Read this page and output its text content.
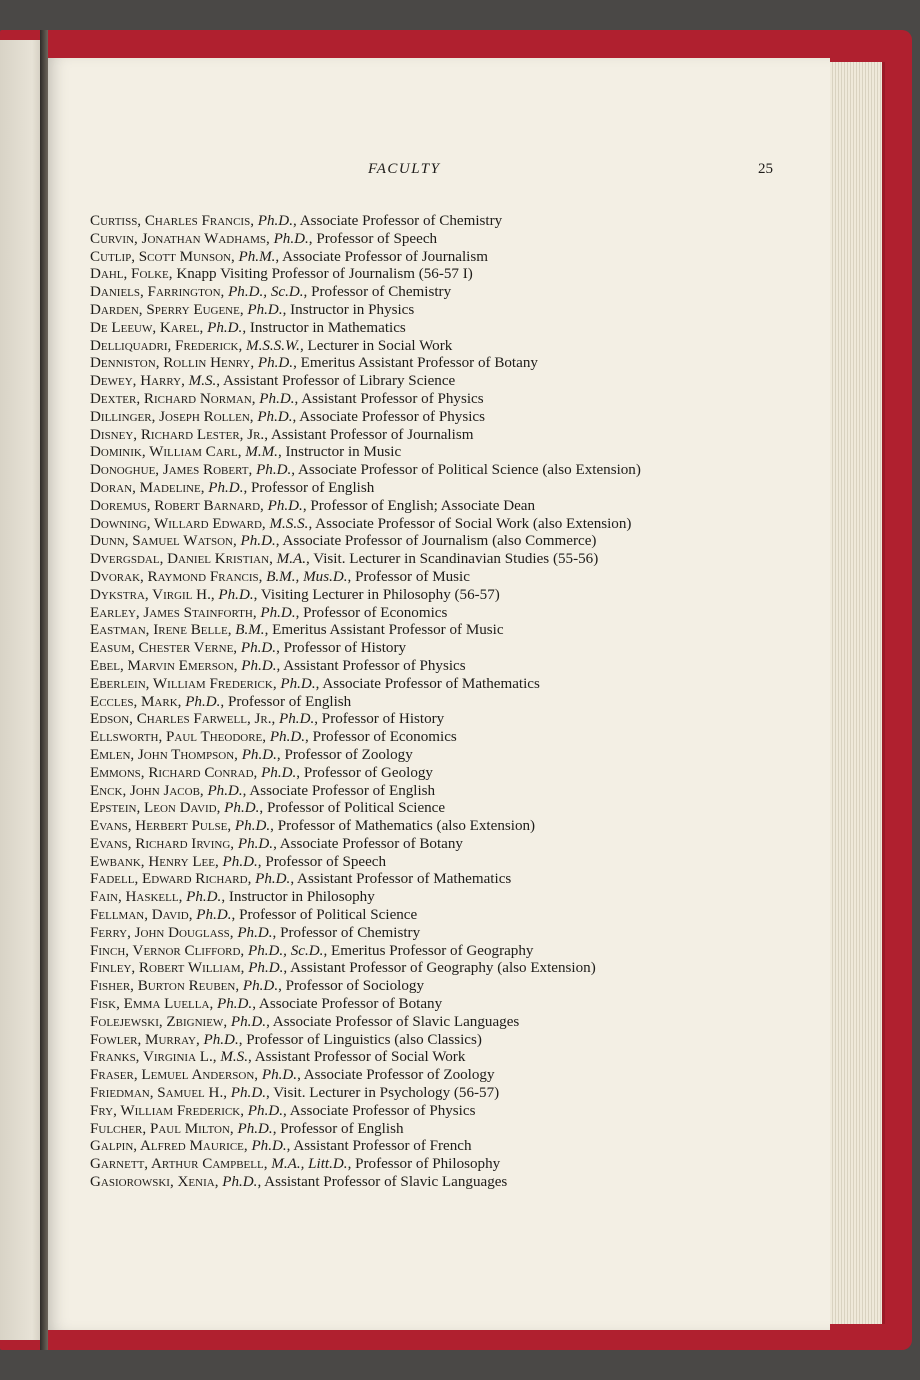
FACULTY	25
Curtiss, Charles Francis, Ph.D., Associate Professor of Chemistry
Curvin, Jonathan Wadhams, Ph.D., Professor of Speech
Cutlip, Scott Munson, Ph.M., Associate Professor of Journalism
Dahl, Folke, Knapp Visiting Professor of Journalism (56-57 I)
Daniels, Farrington, Ph.D., Sc.D., Professor of Chemistry
Darden, Sperry Eugene, Ph.D., Instructor in Physics
De Leeuw, Karel, Ph.D., Instructor in Mathematics
Delliquadri, Frederick, M.S.S.W., Lecturer in Social Work
Denniston, Rollin Henry, Ph.D., Emeritus Assistant Professor of Botany
Dewey, Harry, M.S., Assistant Professor of Library Science
Dexter, Richard Norman, Ph.D., Assistant Professor of Physics
Dillinger, Joseph Rollen, Ph.D., Associate Professor of Physics
Disney, Richard Lester, Jr., Assistant Professor of Journalism
Dominik, William Carl, M.M., Instructor in Music
Donoghue, James Robert, Ph.D., Associate Professor of Political Science (also Extension)
Doran, Madeline, Ph.D., Professor of English
Doremus, Robert Barnard, Ph.D., Professor of English; Associate Dean
Downing, Willard Edward, M.S.S., Associate Professor of Social Work (also Extension)
Dunn, Samuel Watson, Ph.D., Associate Professor of Journalism (also Commerce)
Dvergsdal, Daniel Kristian, M.A., Visit. Lecturer in Scandinavian Studies (55-56)
Dvorak, Raymond Francis, B.M., Mus.D., Professor of Music
Dykstra, Virgil H., Ph.D., Visiting Lecturer in Philosophy (56-57)
Earley, James Stainforth, Ph.D., Professor of Economics
Eastman, Irene Belle, B.M., Emeritus Assistant Professor of Music
Easum, Chester Verne, Ph.D., Professor of History
Ebel, Marvin Emerson, Ph.D., Assistant Professor of Physics
Eberlein, William Frederick, Ph.D., Associate Professor of Mathematics
Eccles, Mark, Ph.D., Professor of English
Edson, Charles Farwell, Jr., Ph.D., Professor of History
Ellsworth, Paul Theodore, Ph.D., Professor of Economics
Emlen, John Thompson, Ph.D., Professor of Zoology
Emmons, Richard Conrad, Ph.D., Professor of Geology
Enck, John Jacob, Ph.D., Associate Professor of English
Epstein, Leon David, Ph.D., Professor of Political Science
Evans, Herbert Pulse, Ph.D., Professor of Mathematics (also Extension)
Evans, Richard Irving, Ph.D., Associate Professor of Botany
Ewbank, Henry Lee, Ph.D., Professor of Speech
Fadell, Edward Richard, Ph.D., Assistant Professor of Mathematics
Fain, Haskell, Ph.D., Instructor in Philosophy
Fellman, David, Ph.D., Professor of Political Science
Ferry, John Douglass, Ph.D., Professor of Chemistry
Finch, Vernor Clifford, Ph.D., Sc.D., Emeritus Professor of Geography
Finley, Robert William, Ph.D., Assistant Professor of Geography (also Extension)
Fisher, Burton Reuben, Ph.D., Professor of Sociology
Fisk, Emma Luella, Ph.D., Associate Professor of Botany
Folejewski, Zbigniew, Ph.D., Associate Professor of Slavic Languages
Fowler, Murray, Ph.D., Professor of Linguistics (also Classics)
Franks, Virginia L., M.S., Assistant Professor of Social Work
Fraser, Lemuel Anderson, Ph.D., Associate Professor of Zoology
Friedman, Samuel H., Ph.D., Visit. Lecturer in Psychology (56-57)
Fry, William Frederick, Ph.D., Associate Professor of Physics
Fulcher, Paul Milton, Ph.D., Professor of English
Galpin, Alfred Maurice, Ph.D., Assistant Professor of French
Garnett, Arthur Campbell, M.A., Litt.D., Professor of Philosophy
Gasiorowski, Xenia, Ph.D., Assistant Professor of Slavic Languages
